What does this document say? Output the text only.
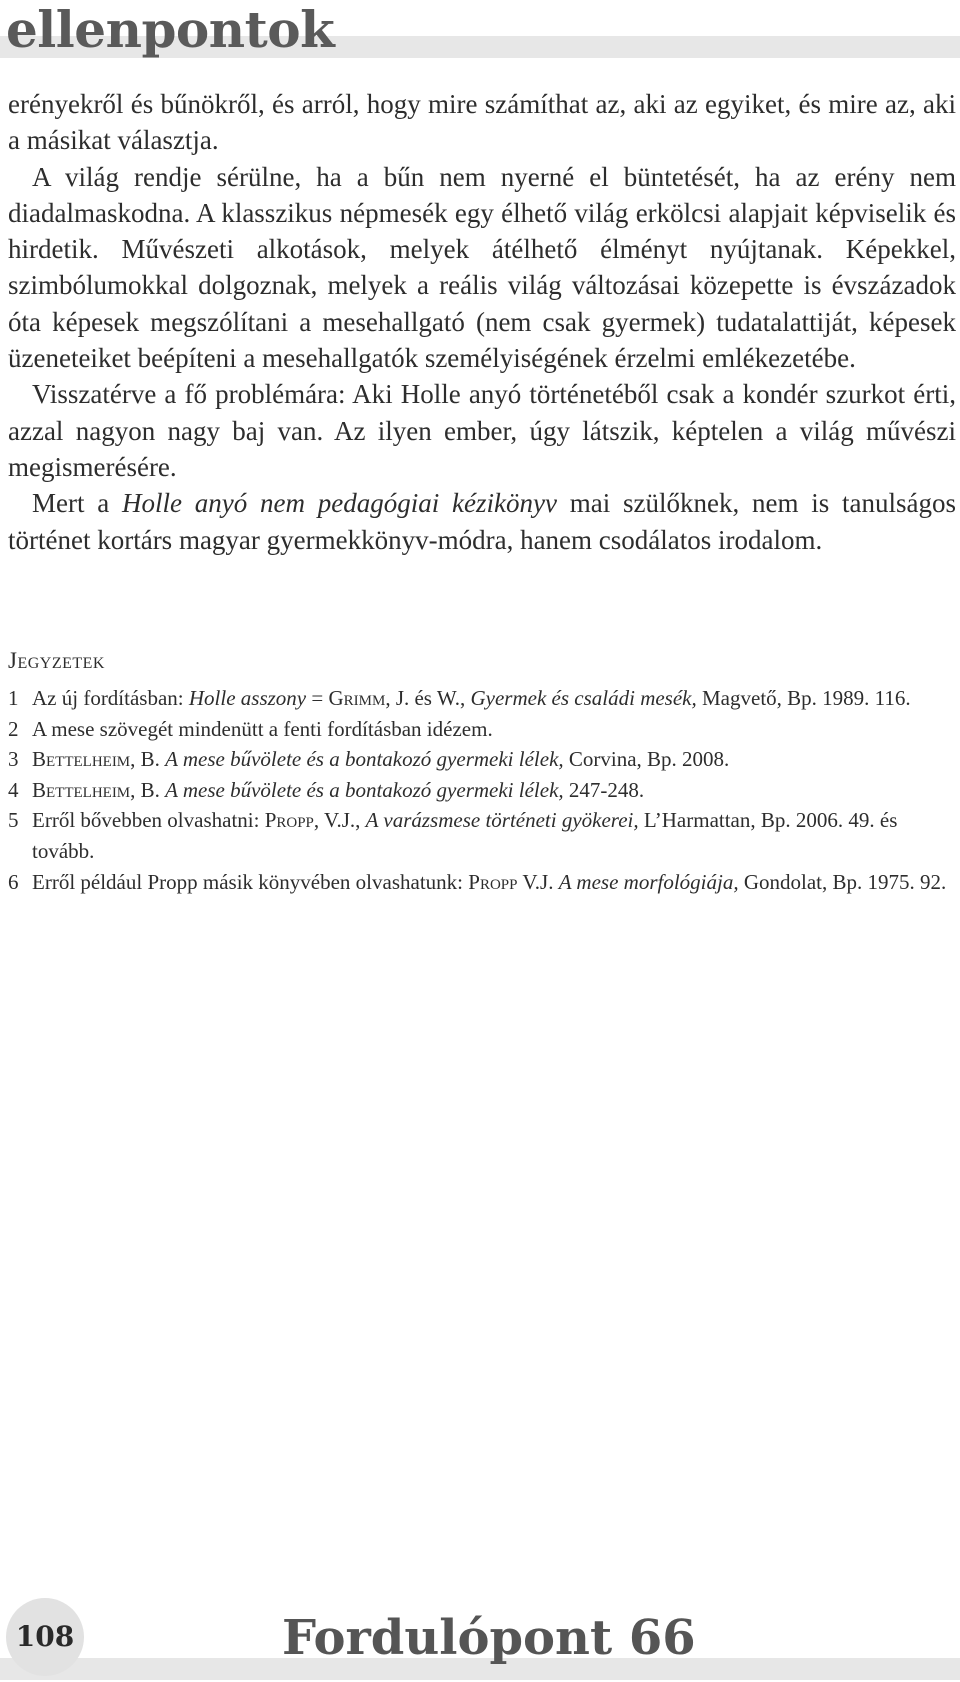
ellenpontok

erényekről és bűnökről, és arról, hogy mire számíthat az, aki az egyiket, és mire az, aki a másikat választja.

A világ rendje sérülne, ha a bűn nem nyerné el büntetését, ha az erény nem diadalmaskodna. A klasszikus népmesék egy élhető világ erkölcsi alapjait képviselik és hirdetik. Művészeti alkotások, melyek átélhető élményt nyújtanak. Képekkel, szimbólumokkal dolgoznak, melyek a reális világ változásai közepette is évszázadok óta képesek megszólítani a mesehallgató (nem csak gyermek) tudatalattiját, képesek üzeneteiket beépíteni a mesehallgatók személyiségének érzelmi emlékezetébe.

Visszatérve a fő problémára: Aki Holle anyó történetéből csak a kondér szurkot érti, azzal nagyon nagy baj van. Az ilyen ember, úgy látszik, képtelen a világ művészi megismerésére.

Mert a Holle anyó nem pedagógiai kézikönyv mai szülőknek, nem is tanulságos történet kortárs magyar gyermekkönyv-módra, hanem csodálatos irodalom.

Jegyzetek
1 Az új fordításban: Holle asszony = Grimm, J. és W., Gyermek és családi mesék, Magvető, Bp. 1989. 116.
2 A mese szövegét mindenütt a fenti fordításban idézem.
3 Bettelheim, B. A mese bűvölete és a bontakozó gyermeki lélek, Corvina, Bp. 2008.
4 Bettelheim, B. A mese bűvölete és a bontakozó gyermeki lélek, 247-248.
5 Erről bővebben olvashatni: Propp, V.J., A varázsmese történeti gyökerei, L’Harmattan, Bp. 2006. 49. és tovább.
6 Erről például Propp másik könyvében olvashatunk: Propp V.J. A mese morfológiája, Gondolat, Bp. 1975. 92.
108	Fordulópont 66
